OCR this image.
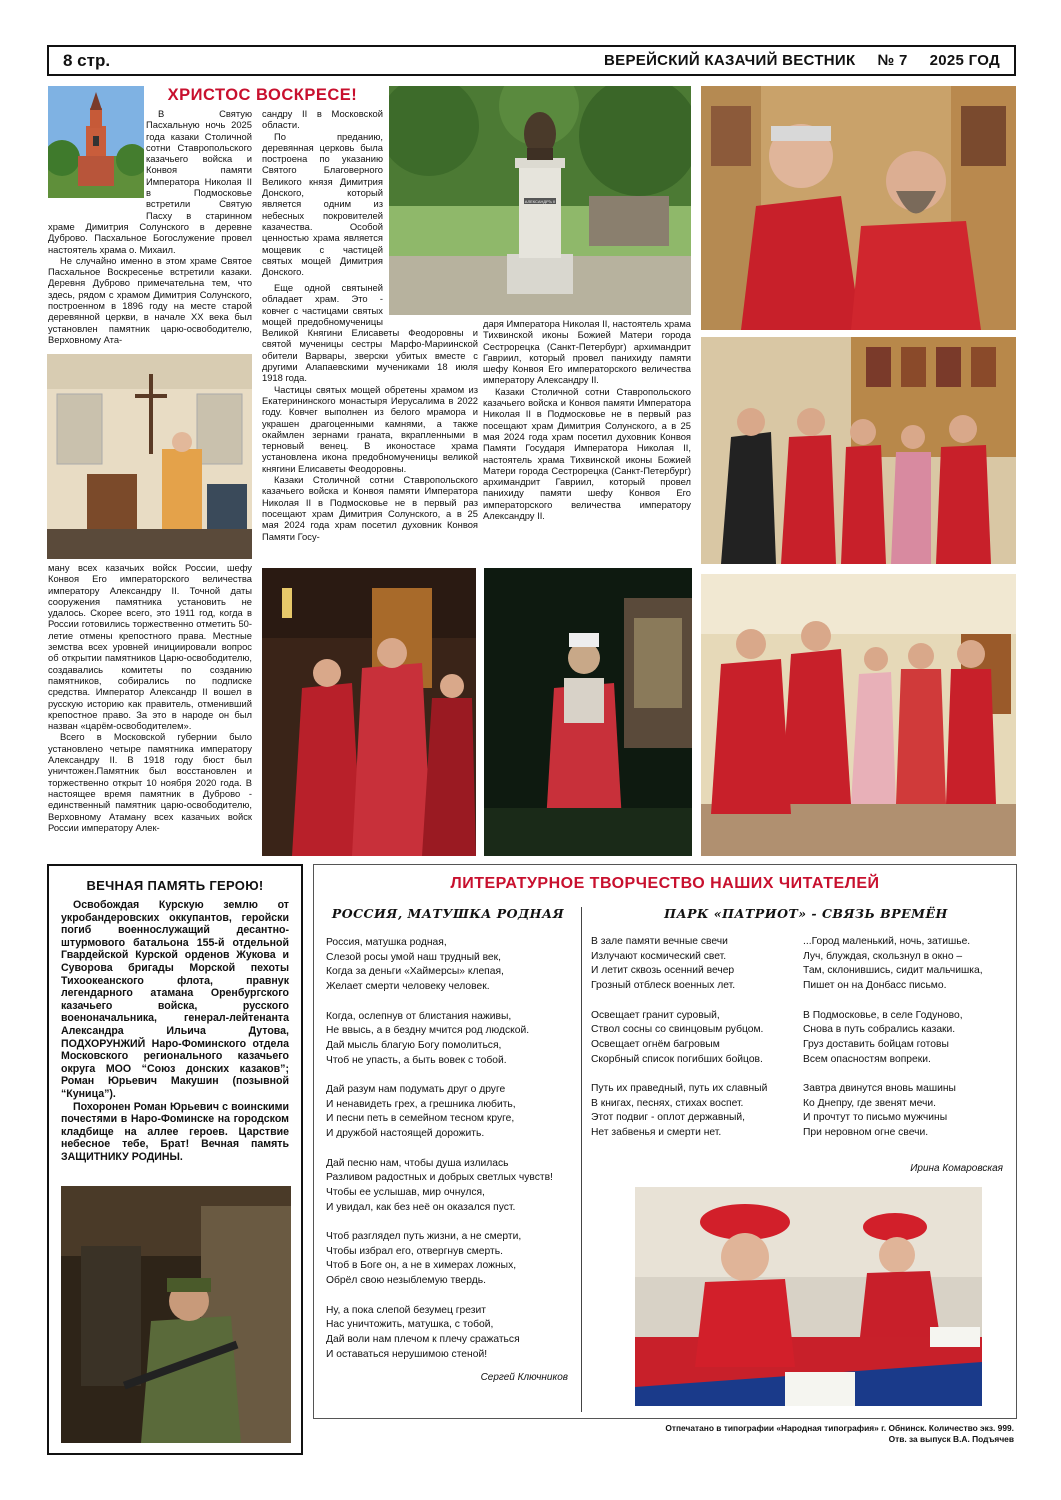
8 стр.	ВЕРЕЙСКИЙ КАЗАЧИЙ ВЕСТНИК № 7 2025 ГОД
ХРИСТОС ВОСКРЕСЕ!

В Святую Пасхальную ночь 2025 года казаки Столичной сотни Ставропольского казачьего войска и Конвоя памяти Императора Николая II в Подмосковье встретили Святую Пасху в старинном храме Димитрия Солунского в деревне Дуброво. Пасхальное Богослужение провел настоятель храма о. Михаил.

Не случайно именно в этом храме Святое Пасхальное Воскресенье встретили казаки. Деревня Дуброво примечательна тем, что здесь, рядом с храмом Димитрия Солунского, построенном в 1896 году на месте старой деревянной церкви, в начале XX века был установлен памятник царю-освободителю, Верховному Ата-

ману всех казачьих войск России, шефу Конвоя Его императорского величества императору Александру II. Точной даты сооружения памятника установить не удалось. Скорее всего, это 1911 год, когда в России готовились торжественно отметить 50-летие отмены крепостного права. Местные земства всех уровней инициировали вопрос об открытии памятников Царю-освободителю, создавались комитеты по созданию памятников, собирались по подписке средства. Император Александр II вошел в русскую историю как правитель, отменивший крепостное право. За это в народе он был назван «царём-освободителем».

Всего в Московской губернии было установлено четыре памятника императору Александру II. В 1918 году бюст был уничтожен.Памятник был восстановлен и торжественно открыт 10 ноября 2020 года. В настоящее время памятник в Дуброво - единственный памятник царю-освободителю, Верховному Атаману всех казачьих войск России императору Алек-

сандру II в Московской области.

По преданию, деревянная церковь была построена по указанию Святого Благоверного Великого князя Димитрия Донского, который является одним из небесных покровителей казачества. Особой ценностью храма является мощевик с частицей святых мощей Димитрия Донского.

Еще одной святыней обладает храм. Это - ковчег с частицами святых мощей предобномученицы Великой Княгини Елисаветы Феодоровны и святой мученицы сестры Марфо-Мариинской обители Варвары, зверски убитых вместе с другими Алапаевскими мучениками 18 июля 1918 года.

Частицы святых мощей обретены храмом из Екатерининского монастыря Иерусалима в 2022 году. Ковчег выполнен из белого мрамора и украшен драгоценными камнями, а также окаймлен зернами граната, вкрапленными в терновый венец. В иконостасе храма установлена икона предобномученицы великой княгини Елисаветы Феодоровны.

Казаки Столичной сотни Ставропольского казачьего войска и Конвоя памяти Императора Николая II в Подмосковье не в первый раз посещают храм Димитрия Солунского, а в 25 мая 2024 года храм посетил духовник Конвоя Памяти Госу-

АЛЕКСАНДРЪ II

даря Императора Николая II, настоятель храма Тихвинской иконы Божией Матери города Сестрорецка (Санкт-Петербург) архимандрит Гавриил, который провел панихиду памяти шефу Конвоя Его императорского величества императору Александру II.

Казаки Столичной сотни Ставропольского казачьего войска и Конвоя памяти Императора Николая II в Подмосковье не в первый раз посещают храм Димитрия Солунского, а в 25 мая 2024 года храм посетил духовник Конвоя Памяти Государя Императора Николая II, настоятель храма Тихвинской иконы Божией Матери города Сестрорецка (Санкт-Петербург) архимандрит Гавриил, который провел панихиду памяти шефу Конвоя Его императорского величества императору Александру II.

ВЕЧНАЯ ПАМЯТЬ ГЕРОЮ!

Освобождая Курскую землю от укробандеровских оккупантов, геройски погиб военнослужащий десантно-штурмового батальона 155-й отдельной Гвардейской Курской орденов Жукова и Суворова бригады Морской пехоты Тихоокеанского флота, правнук легендарного атамана Оренбургского казачьего войска, русского военоначальника, генерал-лейтенанта Александра Ильича Дутова, ПОДХОРУНЖИЙ Наро-Фоминского отдела Московского регионального казачьего округа МОО “Союз донских казаков”; Роман Юрьевич Макушин (позывной “Куница”).

Похоронен Роман Юрьевич с воинскими почестями в Наро-Фоминске на городском кладбище на аллее героев. Царствие небесное тебе, Брат! Вечная память ЗАЩИТНИКУ РОДИНЫ.

ЛИТЕРАТУРНОЕ ТВОРЧЕСТВО НАШИХ ЧИТАТЕЛЕЙ
РОССИЯ, МАТУШКА РОДНАЯ
Россия, матушка родная,
Слезой росы умой наш трудный век,
Когда за деньги «Хаймерсы» клепая,
Желает смерти человеку человек.
Когда, ослепнув от блистания наживы,
Не ввысь, а в бездну мчится род людской.
Дай мысль благую Богу помолиться,
Чтоб не упасть, а быть вовек с тобой.
Дай разум нам подумать друг о друге
И ненавидеть грех, а грешника любить,
И песни петь в семейном тесном круге,
И дружбой настоящей дорожить.
Дай песню нам, чтобы душа излилась
Разливом радостных и добрых светлых чувств!
Чтобы ее услышав, мир очнулся,
И увидал, как без неё он оказался пуст.
Чтоб разглядел путь жизни, а не смерти,
Чтобы избрал его, отвергнув смерть.
Чтоб в Боге он, а не в химерах ложных,
Обрёл свою незыблемую твердь.
Ну, а пока слепой безумец грезит
Нас уничтожить, матушка, с тобой,
Дай воли нам плечом к плечу сражаться
И оставаться нерушимою стеной!
Сергей Ключников
ПАРК «ПАТРИОТ» - СВЯЗЬ ВРЕМЁН
В зале памяти вечные свечи
Излучают космический свет.
И летит сквозь осенний вечер
Грозный отблеск военных лет.
Освещает гранит суровый,
Ствол сосны со свинцовым рубцом.
Освещает огнём багровым
Скорбный список погибших бойцов.
Путь их праведный, путь их славный
В книгах, песнях, стихах воспет.
Этот подвиг - оплот державный,
Нет забвенья и смерти нет.
...Город маленький, ночь, затишье.
Луч, блуждая, скользнул в окно –
Там, склонившись, сидит мальчишка,
Пишет он на Донбасс письмо.
В Подмосковье, в селе Годуново,
Снова в путь собрались казаки.
Груз доставить бойцам готовы
Всем опасностям вопреки.
Завтра двинутся вновь машины
Ко Днепру, где звенят мечи.
И прочтут то письмо мужчины
При неровном огне свечи.
Ирина Комаровская
Отпечатано в типографии «Народная типография» г. Обнинск. Количество экз. 999.
Отв. за выпуск В.А. Подъячев
